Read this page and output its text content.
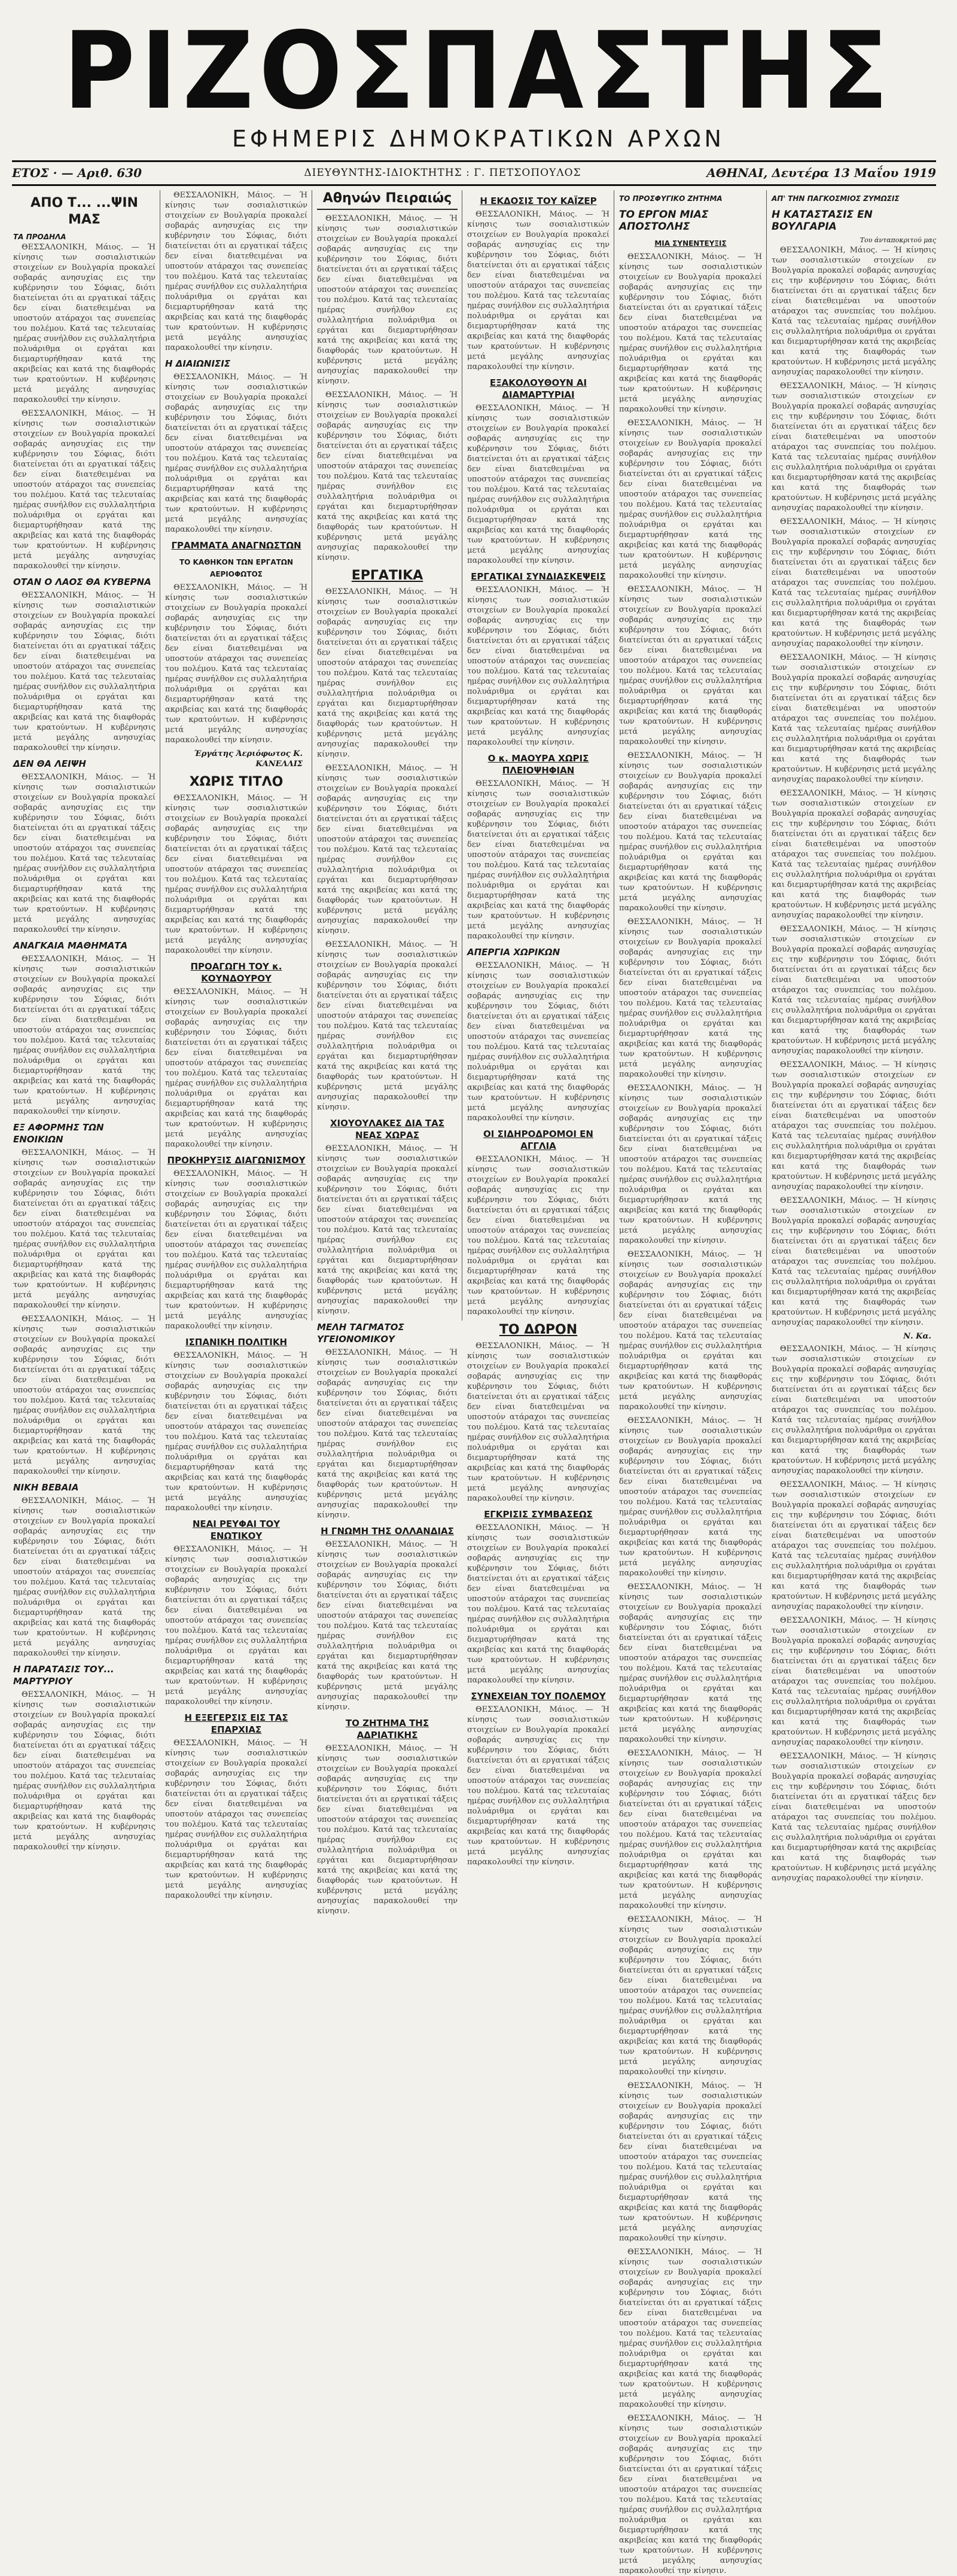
ΡΙΖΟΣΠΑΣΤΗΣ
ΕΦΗΜΕΡΙΣ ΔΗΜΟΚΡΑΤΙΚΩΝ ΑΡΧΩΝ
ΕΤΟΣ · — Αριθ. 630	ΔΙΕΥΘΥΝΤΗΣ-ΙΔΙΟΚΤΗΤΗΣ : Γ. ΠΕΤΣΟΠΟΥΛΟΣ	ΑΘΗΝΑΙ, Δευτέρα 13 Μαΐου 1919
ΑΠΟ Τ... ...ΨΙΝ ΜΑΣ
ΤΑ ΠΡΟΔΗΛΑ

ΘΕΣΣΑΛΟΝΙΚΗ, Μάιος. — Ή κίνησις των σοσιαλιστικών στοιχείων εν Βουλγαρία προκαλεί σοβαράς ανησυχίας εις την κυβέρνησιν του Σόφιας, διότι διατείνεται ότι αι εργατικαί τάξεις δεν είναι διατεθειμέναι να υποστούν ατάραχοι τας συνεπείας του πολέμου. Κατά τας τελευταίας ημέρας συνήλθον εις συλλαλητήρια πολυάριθμα οι εργάται και διεμαρτυρήθησαν κατά της ακριβείας και κατά της διαφθοράς των κρατούντων. Η κυβέρνησις μετά μεγάλης ανησυχίας παρακολουθεί την κίνησιν.

ΘΕΣΣΑΛΟΝΙΚΗ, Μάιος. — Ή κίνησις των σοσιαλιστικών στοιχείων εν Βουλγαρία προκαλεί σοβαράς ανησυχίας εις την κυβέρνησιν του Σόφιας, διότι διατείνεται ότι αι εργατικαί τάξεις δεν είναι διατεθειμέναι να υποστούν ατάραχοι τας συνεπείας του πολέμου. Κατά τας τελευταίας ημέρας συνήλθον εις συλλαλητήρια πολυάριθμα οι εργάται και διεμαρτυρήθησαν κατά της ακριβείας και κατά της διαφθοράς των κρατούντων. Η κυβέρνησις μετά μεγάλης ανησυχίας παρακολουθεί την κίνησιν.

ΟΤΑΝ Ο ΛΑΟΣ ΘΑ ΚΥΒΕΡΝΑ

ΘΕΣΣΑΛΟΝΙΚΗ, Μάιος. — Ή κίνησις των σοσιαλιστικών στοιχείων εν Βουλγαρία προκαλεί σοβαράς ανησυχίας εις την κυβέρνησιν του Σόφιας, διότι διατείνεται ότι αι εργατικαί τάξεις δεν είναι διατεθειμέναι να υποστούν ατάραχοι τας συνεπείας του πολέμου. Κατά τας τελευταίας ημέρας συνήλθον εις συλλαλητήρια πολυάριθμα οι εργάται και διεμαρτυρήθησαν κατά της ακριβείας και κατά της διαφθοράς των κρατούντων. Η κυβέρνησις μετά μεγάλης ανησυχίας παρακολουθεί την κίνησιν.

ΔΕΝ ΘΑ ΛΕΙΨΗ

ΘΕΣΣΑΛΟΝΙΚΗ, Μάιος. — Ή κίνησις των σοσιαλιστικών στοιχείων εν Βουλγαρία προκαλεί σοβαράς ανησυχίας εις την κυβέρνησιν του Σόφιας, διότι διατείνεται ότι αι εργατικαί τάξεις δεν είναι διατεθειμέναι να υποστούν ατάραχοι τας συνεπείας του πολέμου. Κατά τας τελευταίας ημέρας συνήλθον εις συλλαλητήρια πολυάριθμα οι εργάται και διεμαρτυρήθησαν κατά της ακριβείας και κατά της διαφθοράς των κρατούντων. Η κυβέρνησις μετά μεγάλης ανησυχίας παρακολουθεί την κίνησιν.

ΑΝΑΓΚΑΙΑ ΜΑΘΗΜΑΤΑ

ΘΕΣΣΑΛΟΝΙΚΗ, Μάιος. — Ή κίνησις των σοσιαλιστικών στοιχείων εν Βουλγαρία προκαλεί σοβαράς ανησυχίας εις την κυβέρνησιν του Σόφιας, διότι διατείνεται ότι αι εργατικαί τάξεις δεν είναι διατεθειμέναι να υποστούν ατάραχοι τας συνεπείας του πολέμου. Κατά τας τελευταίας ημέρας συνήλθον εις συλλαλητήρια πολυάριθμα οι εργάται και διεμαρτυρήθησαν κατά της ακριβείας και κατά της διαφθοράς των κρατούντων. Η κυβέρνησις μετά μεγάλης ανησυχίας παρακολουθεί την κίνησιν.

ΕΞ ΑΦΟΡΜΗΣ ΤΩΝ ΕΝΟΙΚΙΩΝ

ΘΕΣΣΑΛΟΝΙΚΗ, Μάιος. — Ή κίνησις των σοσιαλιστικών στοιχείων εν Βουλγαρία προκαλεί σοβαράς ανησυχίας εις την κυβέρνησιν του Σόφιας, διότι διατείνεται ότι αι εργατικαί τάξεις δεν είναι διατεθειμέναι να υποστούν ατάραχοι τας συνεπείας του πολέμου. Κατά τας τελευταίας ημέρας συνήλθον εις συλλαλητήρια πολυάριθμα οι εργάται και διεμαρτυρήθησαν κατά της ακριβείας και κατά της διαφθοράς των κρατούντων. Η κυβέρνησις μετά μεγάλης ανησυχίας παρακολουθεί την κίνησιν.

ΘΕΣΣΑΛΟΝΙΚΗ, Μάιος. — Ή κίνησις των σοσιαλιστικών στοιχείων εν Βουλγαρία προκαλεί σοβαράς ανησυχίας εις την κυβέρνησιν του Σόφιας, διότι διατείνεται ότι αι εργατικαί τάξεις δεν είναι διατεθειμέναι να υποστούν ατάραχοι τας συνεπείας του πολέμου. Κατά τας τελευταίας ημέρας συνήλθον εις συλλαλητήρια πολυάριθμα οι εργάται και διεμαρτυρήθησαν κατά της ακριβείας και κατά της διαφθοράς των κρατούντων. Η κυβέρνησις μετά μεγάλης ανησυχίας παρακολουθεί την κίνησιν.

ΝΙΚΗ ΒΕΒΑΙΑ

ΘΕΣΣΑΛΟΝΙΚΗ, Μάιος. — Ή κίνησις των σοσιαλιστικών στοιχείων εν Βουλγαρία προκαλεί σοβαράς ανησυχίας εις την κυβέρνησιν του Σόφιας, διότι διατείνεται ότι αι εργατικαί τάξεις δεν είναι διατεθειμέναι να υποστούν ατάραχοι τας συνεπείας του πολέμου. Κατά τας τελευταίας ημέρας συνήλθον εις συλλαλητήρια πολυάριθμα οι εργάται και διεμαρτυρήθησαν κατά της ακριβείας και κατά της διαφθοράς των κρατούντων. Η κυβέρνησις μετά μεγάλης ανησυχίας παρακολουθεί την κίνησιν.

Η ΠΑΡΑΤΑΣΙΣ ΤΟΥ... ΜΑΡΤΥΡΙΟΥ

ΘΕΣΣΑΛΟΝΙΚΗ, Μάιος. — Ή κίνησις των σοσιαλιστικών στοιχείων εν Βουλγαρία προκαλεί σοβαράς ανησυχίας εις την κυβέρνησιν του Σόφιας, διότι διατείνεται ότι αι εργατικαί τάξεις δεν είναι διατεθειμέναι να υποστούν ατάραχοι τας συνεπείας του πολέμου. Κατά τας τελευταίας ημέρας συνήλθον εις συλλαλητήρια πολυάριθμα οι εργάται και διεμαρτυρήθησαν κατά της ακριβείας και κατά της διαφθοράς των κρατούντων. Η κυβέρνησις μετά μεγάλης ανησυχίας παρακολουθεί την κίνησιν.

ΘΕΣΣΑΛΟΝΙΚΗ, Μάιος. — Ή κίνησις των σοσιαλιστικών στοιχείων εν Βουλγαρία προκαλεί σοβαράς ανησυχίας εις την κυβέρνησιν του Σόφιας, διότι διατείνεται ότι αι εργατικαί τάξεις δεν είναι διατεθειμέναι να υποστούν ατάραχοι τας συνεπείας του πολέμου. Κατά τας τελευταίας ημέρας συνήλθον εις συλλαλητήρια πολυάριθμα οι εργάται και διεμαρτυρήθησαν κατά της ακριβείας και κατά της διαφθοράς των κρατούντων. Η κυβέρνησις μετά μεγάλης ανησυχίας παρακολουθεί την κίνησιν.

Η ΔΙΑΙΩΝΙΣΙΣ

ΘΕΣΣΑΛΟΝΙΚΗ, Μάιος. — Ή κίνησις των σοσιαλιστικών στοιχείων εν Βουλγαρία προκαλεί σοβαράς ανησυχίας εις την κυβέρνησιν του Σόφιας, διότι διατείνεται ότι αι εργατικαί τάξεις δεν είναι διατεθειμέναι να υποστούν ατάραχοι τας συνεπείας του πολέμου. Κατά τας τελευταίας ημέρας συνήλθον εις συλλαλητήρια πολυάριθμα οι εργάται και διεμαρτυρήθησαν κατά της ακριβείας και κατά της διαφθοράς των κρατούντων. Η κυβέρνησις μετά μεγάλης ανησυχίας παρακολουθεί την κίνησιν.

ΓΡΑΜΜΑΤΑ ΑΝΑΓΝΩΣΤΩΝ
ΤΟ ΚΑΘΗΚΟΝ ΤΩΝ ΕΡΓΑΤΩΝ ΑΕΡΙΟΦΩΤΟΣ

ΘΕΣΣΑΛΟΝΙΚΗ, Μάιος. — Ή κίνησις των σοσιαλιστικών στοιχείων εν Βουλγαρία προκαλεί σοβαράς ανησυχίας εις την κυβέρνησιν του Σόφιας, διότι διατείνεται ότι αι εργατικαί τάξεις δεν είναι διατεθειμέναι να υποστούν ατάραχοι τας συνεπείας του πολέμου. Κατά τας τελευταίας ημέρας συνήλθον εις συλλαλητήρια πολυάριθμα οι εργάται και διεμαρτυρήθησαν κατά της ακριβείας και κατά της διαφθοράς των κρατούντων. Η κυβέρνησις μετά μεγάλης ανησυχίας παρακολουθεί την κίνησιν.

Έργάτης Άεριόφωτος Κ. ΚΑΝΕΛΛΙΣ
ΧΩΡΙΣ ΤΙΤΛΟ

ΘΕΣΣΑΛΟΝΙΚΗ, Μάιος. — Ή κίνησις των σοσιαλιστικών στοιχείων εν Βουλγαρία προκαλεί σοβαράς ανησυχίας εις την κυβέρνησιν του Σόφιας, διότι διατείνεται ότι αι εργατικαί τάξεις δεν είναι διατεθειμέναι να υποστούν ατάραχοι τας συνεπείας του πολέμου. Κατά τας τελευταίας ημέρας συνήλθον εις συλλαλητήρια πολυάριθμα οι εργάται και διεμαρτυρήθησαν κατά της ακριβείας και κατά της διαφθοράς των κρατούντων. Η κυβέρνησις μετά μεγάλης ανησυχίας παρακολουθεί την κίνησιν.

ΠΡΟΑΓΩΓΗ ΤΟΥ κ. ΚΟΥΝΔΟΥΡΟΥ

ΘΕΣΣΑΛΟΝΙΚΗ, Μάιος. — Ή κίνησις των σοσιαλιστικών στοιχείων εν Βουλγαρία προκαλεί σοβαράς ανησυχίας εις την κυβέρνησιν του Σόφιας, διότι διατείνεται ότι αι εργατικαί τάξεις δεν είναι διατεθειμέναι να υποστούν ατάραχοι τας συνεπείας του πολέμου. Κατά τας τελευταίας ημέρας συνήλθον εις συλλαλητήρια πολυάριθμα οι εργάται και διεμαρτυρήθησαν κατά της ακριβείας και κατά της διαφθοράς των κρατούντων. Η κυβέρνησις μετά μεγάλης ανησυχίας παρακολουθεί την κίνησιν.

ΠΡΟΚΗΡΥΞΙΣ ΔΙΑΓΩΝΙΣΜΟΥ

ΘΕΣΣΑΛΟΝΙΚΗ, Μάιος. — Ή κίνησις των σοσιαλιστικών στοιχείων εν Βουλγαρία προκαλεί σοβαράς ανησυχίας εις την κυβέρνησιν του Σόφιας, διότι διατείνεται ότι αι εργατικαί τάξεις δεν είναι διατεθειμέναι να υποστούν ατάραχοι τας συνεπείας του πολέμου. Κατά τας τελευταίας ημέρας συνήλθον εις συλλαλητήρια πολυάριθμα οι εργάται και διεμαρτυρήθησαν κατά της ακριβείας και κατά της διαφθοράς των κρατούντων. Η κυβέρνησις μετά μεγάλης ανησυχίας παρακολουθεί την κίνησιν.

ΙΣΠΑΝΙΚΗ ΠΟΛΙΤΙΚΗ

ΘΕΣΣΑΛΟΝΙΚΗ, Μάιος. — Ή κίνησις των σοσιαλιστικών στοιχείων εν Βουλγαρία προκαλεί σοβαράς ανησυχίας εις την κυβέρνησιν του Σόφιας, διότι διατείνεται ότι αι εργατικαί τάξεις δεν είναι διατεθειμέναι να υποστούν ατάραχοι τας συνεπείας του πολέμου. Κατά τας τελευταίας ημέρας συνήλθον εις συλλαλητήρια πολυάριθμα οι εργάται και διεμαρτυρήθησαν κατά της ακριβείας και κατά της διαφθοράς των κρατούντων. Η κυβέρνησις μετά μεγάλης ανησυχίας παρακολουθεί την κίνησιν.

ΝΕΑΙ ΡΕΥΦΑΙ ΤΟΥ ΕΝΩΤΙΚΟΥ

ΘΕΣΣΑΛΟΝΙΚΗ, Μάιος. — Ή κίνησις των σοσιαλιστικών στοιχείων εν Βουλγαρία προκαλεί σοβαράς ανησυχίας εις την κυβέρνησιν του Σόφιας, διότι διατείνεται ότι αι εργατικαί τάξεις δεν είναι διατεθειμέναι να υποστούν ατάραχοι τας συνεπείας του πολέμου. Κατά τας τελευταίας ημέρας συνήλθον εις συλλαλητήρια πολυάριθμα οι εργάται και διεμαρτυρήθησαν κατά της ακριβείας και κατά της διαφθοράς των κρατούντων. Η κυβέρνησις μετά μεγάλης ανησυχίας παρακολουθεί την κίνησιν.

Η ΕΞΕΓΕΡΣΙΣ ΕΙΣ ΤΑΣ ΕΠΑΡΧΙΑΣ

ΘΕΣΣΑΛΟΝΙΚΗ, Μάιος. — Ή κίνησις των σοσιαλιστικών στοιχείων εν Βουλγαρία προκαλεί σοβαράς ανησυχίας εις την κυβέρνησιν του Σόφιας, διότι διατείνεται ότι αι εργατικαί τάξεις δεν είναι διατεθειμέναι να υποστούν ατάραχοι τας συνεπείας του πολέμου. Κατά τας τελευταίας ημέρας συνήλθον εις συλλαλητήρια πολυάριθμα οι εργάται και διεμαρτυρήθησαν κατά της ακριβείας και κατά της διαφθοράς των κρατούντων. Η κυβέρνησις μετά μεγάλης ανησυχίας παρακολουθεί την κίνησιν.

Αθηνών Πειραιώς

ΘΕΣΣΑΛΟΝΙΚΗ, Μάιος. — Ή κίνησις των σοσιαλιστικών στοιχείων εν Βουλγαρία προκαλεί σοβαράς ανησυχίας εις την κυβέρνησιν του Σόφιας, διότι διατείνεται ότι αι εργατικαί τάξεις δεν είναι διατεθειμέναι να υποστούν ατάραχοι τας συνεπείας του πολέμου. Κατά τας τελευταίας ημέρας συνήλθον εις συλλαλητήρια πολυάριθμα οι εργάται και διεμαρτυρήθησαν κατά της ακριβείας και κατά της διαφθοράς των κρατούντων. Η κυβέρνησις μετά μεγάλης ανησυχίας παρακολουθεί την κίνησιν.

ΘΕΣΣΑΛΟΝΙΚΗ, Μάιος. — Ή κίνησις των σοσιαλιστικών στοιχείων εν Βουλγαρία προκαλεί σοβαράς ανησυχίας εις την κυβέρνησιν του Σόφιας, διότι διατείνεται ότι αι εργατικαί τάξεις δεν είναι διατεθειμέναι να υποστούν ατάραχοι τας συνεπείας του πολέμου. Κατά τας τελευταίας ημέρας συνήλθον εις συλλαλητήρια πολυάριθμα οι εργάται και διεμαρτυρήθησαν κατά της ακριβείας και κατά της διαφθοράς των κρατούντων. Η κυβέρνησις μετά μεγάλης ανησυχίας παρακολουθεί την κίνησιν.

ΕΡΓΑΤΙΚΑ

ΘΕΣΣΑΛΟΝΙΚΗ, Μάιος. — Ή κίνησις των σοσιαλιστικών στοιχείων εν Βουλγαρία προκαλεί σοβαράς ανησυχίας εις την κυβέρνησιν του Σόφιας, διότι διατείνεται ότι αι εργατικαί τάξεις δεν είναι διατεθειμέναι να υποστούν ατάραχοι τας συνεπείας του πολέμου. Κατά τας τελευταίας ημέρας συνήλθον εις συλλαλητήρια πολυάριθμα οι εργάται και διεμαρτυρήθησαν κατά της ακριβείας και κατά της διαφθοράς των κρατούντων. Η κυβέρνησις μετά μεγάλης ανησυχίας παρακολουθεί την κίνησιν.

ΘΕΣΣΑΛΟΝΙΚΗ, Μάιος. — Ή κίνησις των σοσιαλιστικών στοιχείων εν Βουλγαρία προκαλεί σοβαράς ανησυχίας εις την κυβέρνησιν του Σόφιας, διότι διατείνεται ότι αι εργατικαί τάξεις δεν είναι διατεθειμέναι να υποστούν ατάραχοι τας συνεπείας του πολέμου. Κατά τας τελευταίας ημέρας συνήλθον εις συλλαλητήρια πολυάριθμα οι εργάται και διεμαρτυρήθησαν κατά της ακριβείας και κατά της διαφθοράς των κρατούντων. Η κυβέρνησις μετά μεγάλης ανησυχίας παρακολουθεί την κίνησιν.

ΘΕΣΣΑΛΟΝΙΚΗ, Μάιος. — Ή κίνησις των σοσιαλιστικών στοιχείων εν Βουλγαρία προκαλεί σοβαράς ανησυχίας εις την κυβέρνησιν του Σόφιας, διότι διατείνεται ότι αι εργατικαί τάξεις δεν είναι διατεθειμέναι να υποστούν ατάραχοι τας συνεπείας του πολέμου. Κατά τας τελευταίας ημέρας συνήλθον εις συλλαλητήρια πολυάριθμα οι εργάται και διεμαρτυρήθησαν κατά της ακριβείας και κατά της διαφθοράς των κρατούντων. Η κυβέρνησις μετά μεγάλης ανησυχίας παρακολουθεί την κίνησιν.

ΧΙΟΥΟΥΛΑΚΕΣ ΔΙΑ ΤΑΣ ΝΕΑΣ ΧΩΡΑΣ

ΘΕΣΣΑΛΟΝΙΚΗ, Μάιος. — Ή κίνησις των σοσιαλιστικών στοιχείων εν Βουλγαρία προκαλεί σοβαράς ανησυχίας εις την κυβέρνησιν του Σόφιας, διότι διατείνεται ότι αι εργατικαί τάξεις δεν είναι διατεθειμέναι να υποστούν ατάραχοι τας συνεπείας του πολέμου. Κατά τας τελευταίας ημέρας συνήλθον εις συλλαλητήρια πολυάριθμα οι εργάται και διεμαρτυρήθησαν κατά της ακριβείας και κατά της διαφθοράς των κρατούντων. Η κυβέρνησις μετά μεγάλης ανησυχίας παρακολουθεί την κίνησιν.

ΜΕΛΗ ΤΑΓΜΑΤΟΣ ΥΓΕΙΟΝΟΜΙΚΟΥ

ΘΕΣΣΑΛΟΝΙΚΗ, Μάιος. — Ή κίνησις των σοσιαλιστικών στοιχείων εν Βουλγαρία προκαλεί σοβαράς ανησυχίας εις την κυβέρνησιν του Σόφιας, διότι διατείνεται ότι αι εργατικαί τάξεις δεν είναι διατεθειμέναι να υποστούν ατάραχοι τας συνεπείας του πολέμου. Κατά τας τελευταίας ημέρας συνήλθον εις συλλαλητήρια πολυάριθμα οι εργάται και διεμαρτυρήθησαν κατά της ακριβείας και κατά της διαφθοράς των κρατούντων. Η κυβέρνησις μετά μεγάλης ανησυχίας παρακολουθεί την κίνησιν.

Η ΓΝΩΜΗ ΤΗΣ ΟΛΛΑΝΔΙΑΣ

ΘΕΣΣΑΛΟΝΙΚΗ, Μάιος. — Ή κίνησις των σοσιαλιστικών στοιχείων εν Βουλγαρία προκαλεί σοβαράς ανησυχίας εις την κυβέρνησιν του Σόφιας, διότι διατείνεται ότι αι εργατικαί τάξεις δεν είναι διατεθειμέναι να υποστούν ατάραχοι τας συνεπείας του πολέμου. Κατά τας τελευταίας ημέρας συνήλθον εις συλλαλητήρια πολυάριθμα οι εργάται και διεμαρτυρήθησαν κατά της ακριβείας και κατά της διαφθοράς των κρατούντων. Η κυβέρνησις μετά μεγάλης ανησυχίας παρακολουθεί την κίνησιν.

ΤΟ ΖΗΤΗΜΑ ΤΗΣ ΑΔΡΙΑΤΙΚΗΣ

ΘΕΣΣΑΛΟΝΙΚΗ, Μάιος. — Ή κίνησις των σοσιαλιστικών στοιχείων εν Βουλγαρία προκαλεί σοβαράς ανησυχίας εις την κυβέρνησιν του Σόφιας, διότι διατείνεται ότι αι εργατικαί τάξεις δεν είναι διατεθειμέναι να υποστούν ατάραχοι τας συνεπείας του πολέμου. Κατά τας τελευταίας ημέρας συνήλθον εις συλλαλητήρια πολυάριθμα οι εργάται και διεμαρτυρήθησαν κατά της ακριβείας και κατά της διαφθοράς των κρατούντων. Η κυβέρνησις μετά μεγάλης ανησυχίας παρακολουθεί την κίνησιν.

Η ΕΚΔΟΣΙΣ ΤΟΥ ΚΑΪΖΕΡ

ΘΕΣΣΑΛΟΝΙΚΗ, Μάιος. — Ή κίνησις των σοσιαλιστικών στοιχείων εν Βουλγαρία προκαλεί σοβαράς ανησυχίας εις την κυβέρνησιν του Σόφιας, διότι διατείνεται ότι αι εργατικαί τάξεις δεν είναι διατεθειμέναι να υποστούν ατάραχοι τας συνεπείας του πολέμου. Κατά τας τελευταίας ημέρας συνήλθον εις συλλαλητήρια πολυάριθμα οι εργάται και διεμαρτυρήθησαν κατά της ακριβείας και κατά της διαφθοράς των κρατούντων. Η κυβέρνησις μετά μεγάλης ανησυχίας παρακολουθεί την κίνησιν.

ΕΞΑΚΟΛΟΥΘΟΥΝ ΑΙ ΔΙΑΜΑΡΤΥΡΙΑΙ

ΘΕΣΣΑΛΟΝΙΚΗ, Μάιος. — Ή κίνησις των σοσιαλιστικών στοιχείων εν Βουλγαρία προκαλεί σοβαράς ανησυχίας εις την κυβέρνησιν του Σόφιας, διότι διατείνεται ότι αι εργατικαί τάξεις δεν είναι διατεθειμέναι να υποστούν ατάραχοι τας συνεπείας του πολέμου. Κατά τας τελευταίας ημέρας συνήλθον εις συλλαλητήρια πολυάριθμα οι εργάται και διεμαρτυρήθησαν κατά της ακριβείας και κατά της διαφθοράς των κρατούντων. Η κυβέρνησις μετά μεγάλης ανησυχίας παρακολουθεί την κίνησιν.

ΕΡΓΑΤΙΚΑΙ ΣΥΝΔΙΑΣΚΕΨΕΙΣ

ΘΕΣΣΑΛΟΝΙΚΗ, Μάιος. — Ή κίνησις των σοσιαλιστικών στοιχείων εν Βουλγαρία προκαλεί σοβαράς ανησυχίας εις την κυβέρνησιν του Σόφιας, διότι διατείνεται ότι αι εργατικαί τάξεις δεν είναι διατεθειμέναι να υποστούν ατάραχοι τας συνεπείας του πολέμου. Κατά τας τελευταίας ημέρας συνήλθον εις συλλαλητήρια πολυάριθμα οι εργάται και διεμαρτυρήθησαν κατά της ακριβείας και κατά της διαφθοράς των κρατούντων. Η κυβέρνησις μετά μεγάλης ανησυχίας παρακολουθεί την κίνησιν.

Ο κ. ΜΑΟΥΡΑ ΧΩΡΙΣ ΠΛΕΙΟΨΗΦΙΑΝ

ΘΕΣΣΑΛΟΝΙΚΗ, Μάιος. — Ή κίνησις των σοσιαλιστικών στοιχείων εν Βουλγαρία προκαλεί σοβαράς ανησυχίας εις την κυβέρνησιν του Σόφιας, διότι διατείνεται ότι αι εργατικαί τάξεις δεν είναι διατεθειμέναι να υποστούν ατάραχοι τας συνεπείας του πολέμου. Κατά τας τελευταίας ημέρας συνήλθον εις συλλαλητήρια πολυάριθμα οι εργάται και διεμαρτυρήθησαν κατά της ακριβείας και κατά της διαφθοράς των κρατούντων. Η κυβέρνησις μετά μεγάλης ανησυχίας παρακολουθεί την κίνησιν.

ΑΠΕΡΓΙΑ ΧΩΡΙΚΩΝ

ΘΕΣΣΑΛΟΝΙΚΗ, Μάιος. — Ή κίνησις των σοσιαλιστικών στοιχείων εν Βουλγαρία προκαλεί σοβαράς ανησυχίας εις την κυβέρνησιν του Σόφιας, διότι διατείνεται ότι αι εργατικαί τάξεις δεν είναι διατεθειμέναι να υποστούν ατάραχοι τας συνεπείας του πολέμου. Κατά τας τελευταίας ημέρας συνήλθον εις συλλαλητήρια πολυάριθμα οι εργάται και διεμαρτυρήθησαν κατά της ακριβείας και κατά της διαφθοράς των κρατούντων. Η κυβέρνησις μετά μεγάλης ανησυχίας παρακολουθεί την κίνησιν.

ΟΙ ΣΙΔΗΡΟΔΡΟΜΟΙ ΕΝ ΑΓΓΛΙΑ

ΘΕΣΣΑΛΟΝΙΚΗ, Μάιος. — Ή κίνησις των σοσιαλιστικών στοιχείων εν Βουλγαρία προκαλεί σοβαράς ανησυχίας εις την κυβέρνησιν του Σόφιας, διότι διατείνεται ότι αι εργατικαί τάξεις δεν είναι διατεθειμέναι να υποστούν ατάραχοι τας συνεπείας του πολέμου. Κατά τας τελευταίας ημέρας συνήλθον εις συλλαλητήρια πολυάριθμα οι εργάται και διεμαρτυρήθησαν κατά της ακριβείας και κατά της διαφθοράς των κρατούντων. Η κυβέρνησις μετά μεγάλης ανησυχίας παρακολουθεί την κίνησιν.

ΤΟ ΔΩΡΟΝ

ΘΕΣΣΑΛΟΝΙΚΗ, Μάιος. — Ή κίνησις των σοσιαλιστικών στοιχείων εν Βουλγαρία προκαλεί σοβαράς ανησυχίας εις την κυβέρνησιν του Σόφιας, διότι διατείνεται ότι αι εργατικαί τάξεις δεν είναι διατεθειμέναι να υποστούν ατάραχοι τας συνεπείας του πολέμου. Κατά τας τελευταίας ημέρας συνήλθον εις συλλαλητήρια πολυάριθμα οι εργάται και διεμαρτυρήθησαν κατά της ακριβείας και κατά της διαφθοράς των κρατούντων. Η κυβέρνησις μετά μεγάλης ανησυχίας παρακολουθεί την κίνησιν.

ΕΓΚΡΙΣΙΣ ΣΥΜΒΑΣΕΩΣ

ΘΕΣΣΑΛΟΝΙΚΗ, Μάιος. — Ή κίνησις των σοσιαλιστικών στοιχείων εν Βουλγαρία προκαλεί σοβαράς ανησυχίας εις την κυβέρνησιν του Σόφιας, διότι διατείνεται ότι αι εργατικαί τάξεις δεν είναι διατεθειμέναι να υποστούν ατάραχοι τας συνεπείας του πολέμου. Κατά τας τελευταίας ημέρας συνήλθον εις συλλαλητήρια πολυάριθμα οι εργάται και διεμαρτυρήθησαν κατά της ακριβείας και κατά της διαφθοράς των κρατούντων. Η κυβέρνησις μετά μεγάλης ανησυχίας παρακολουθεί την κίνησιν.

ΣΥΝΕΧΕΙΑΝ ΤΟΥ ΠΟΛΕΜΟΥ

ΘΕΣΣΑΛΟΝΙΚΗ, Μάιος. — Ή κίνησις των σοσιαλιστικών στοιχείων εν Βουλγαρία προκαλεί σοβαράς ανησυχίας εις την κυβέρνησιν του Σόφιας, διότι διατείνεται ότι αι εργατικαί τάξεις δεν είναι διατεθειμέναι να υποστούν ατάραχοι τας συνεπείας του πολέμου. Κατά τας τελευταίας ημέρας συνήλθον εις συλλαλητήρια πολυάριθμα οι εργάται και διεμαρτυρήθησαν κατά της ακριβείας και κατά της διαφθοράς των κρατούντων. Η κυβέρνησις μετά μεγάλης ανησυχίας παρακολουθεί την κίνησιν.

ΤΟ ΠΡΟΣΦΥΓΙΚΟ ΖΗΤΗΜΑ
ΤΟ ΕΡΓΟΝ ΜΙΑΣ ΑΠΟΣΤΟΛΗΣ
ΜΙΑ ΣΥΝΕΝΤΕΥΞΙΣ

ΘΕΣΣΑΛΟΝΙΚΗ, Μάιος. — Ή κίνησις των σοσιαλιστικών στοιχείων εν Βουλγαρία προκαλεί σοβαράς ανησυχίας εις την κυβέρνησιν του Σόφιας, διότι διατείνεται ότι αι εργατικαί τάξεις δεν είναι διατεθειμέναι να υποστούν ατάραχοι τας συνεπείας του πολέμου. Κατά τας τελευταίας ημέρας συνήλθον εις συλλαλητήρια πολυάριθμα οι εργάται και διεμαρτυρήθησαν κατά της ακριβείας και κατά της διαφθοράς των κρατούντων. Η κυβέρνησις μετά μεγάλης ανησυχίας παρακολουθεί την κίνησιν.

ΘΕΣΣΑΛΟΝΙΚΗ, Μάιος. — Ή κίνησις των σοσιαλιστικών στοιχείων εν Βουλγαρία προκαλεί σοβαράς ανησυχίας εις την κυβέρνησιν του Σόφιας, διότι διατείνεται ότι αι εργατικαί τάξεις δεν είναι διατεθειμέναι να υποστούν ατάραχοι τας συνεπείας του πολέμου. Κατά τας τελευταίας ημέρας συνήλθον εις συλλαλητήρια πολυάριθμα οι εργάται και διεμαρτυρήθησαν κατά της ακριβείας και κατά της διαφθοράς των κρατούντων. Η κυβέρνησις μετά μεγάλης ανησυχίας παρακολουθεί την κίνησιν.

ΘΕΣΣΑΛΟΝΙΚΗ, Μάιος. — Ή κίνησις των σοσιαλιστικών στοιχείων εν Βουλγαρία προκαλεί σοβαράς ανησυχίας εις την κυβέρνησιν του Σόφιας, διότι διατείνεται ότι αι εργατικαί τάξεις δεν είναι διατεθειμέναι να υποστούν ατάραχοι τας συνεπείας του πολέμου. Κατά τας τελευταίας ημέρας συνήλθον εις συλλαλητήρια πολυάριθμα οι εργάται και διεμαρτυρήθησαν κατά της ακριβείας και κατά της διαφθοράς των κρατούντων. Η κυβέρνησις μετά μεγάλης ανησυχίας παρακολουθεί την κίνησιν.

ΘΕΣΣΑΛΟΝΙΚΗ, Μάιος. — Ή κίνησις των σοσιαλιστικών στοιχείων εν Βουλγαρία προκαλεί σοβαράς ανησυχίας εις την κυβέρνησιν του Σόφιας, διότι διατείνεται ότι αι εργατικαί τάξεις δεν είναι διατεθειμέναι να υποστούν ατάραχοι τας συνεπείας του πολέμου. Κατά τας τελευταίας ημέρας συνήλθον εις συλλαλητήρια πολυάριθμα οι εργάται και διεμαρτυρήθησαν κατά της ακριβείας και κατά της διαφθοράς των κρατούντων. Η κυβέρνησις μετά μεγάλης ανησυχίας παρακολουθεί την κίνησιν.

ΘΕΣΣΑΛΟΝΙΚΗ, Μάιος. — Ή κίνησις των σοσιαλιστικών στοιχείων εν Βουλγαρία προκαλεί σοβαράς ανησυχίας εις την κυβέρνησιν του Σόφιας, διότι διατείνεται ότι αι εργατικαί τάξεις δεν είναι διατεθειμέναι να υποστούν ατάραχοι τας συνεπείας του πολέμου. Κατά τας τελευταίας ημέρας συνήλθον εις συλλαλητήρια πολυάριθμα οι εργάται και διεμαρτυρήθησαν κατά της ακριβείας και κατά της διαφθοράς των κρατούντων. Η κυβέρνησις μετά μεγάλης ανησυχίας παρακολουθεί την κίνησιν.

ΘΕΣΣΑΛΟΝΙΚΗ, Μάιος. — Ή κίνησις των σοσιαλιστικών στοιχείων εν Βουλγαρία προκαλεί σοβαράς ανησυχίας εις την κυβέρνησιν του Σόφιας, διότι διατείνεται ότι αι εργατικαί τάξεις δεν είναι διατεθειμέναι να υποστούν ατάραχοι τας συνεπείας του πολέμου. Κατά τας τελευταίας ημέρας συνήλθον εις συλλαλητήρια πολυάριθμα οι εργάται και διεμαρτυρήθησαν κατά της ακριβείας και κατά της διαφθοράς των κρατούντων. Η κυβέρνησις μετά μεγάλης ανησυχίας παρακολουθεί την κίνησιν.

ΘΕΣΣΑΛΟΝΙΚΗ, Μάιος. — Ή κίνησις των σοσιαλιστικών στοιχείων εν Βουλγαρία προκαλεί σοβαράς ανησυχίας εις την κυβέρνησιν του Σόφιας, διότι διατείνεται ότι αι εργατικαί τάξεις δεν είναι διατεθειμέναι να υποστούν ατάραχοι τας συνεπείας του πολέμου. Κατά τας τελευταίας ημέρας συνήλθον εις συλλαλητήρια πολυάριθμα οι εργάται και διεμαρτυρήθησαν κατά της ακριβείας και κατά της διαφθοράς των κρατούντων. Η κυβέρνησις μετά μεγάλης ανησυχίας παρακολουθεί την κίνησιν.

ΘΕΣΣΑΛΟΝΙΚΗ, Μάιος. — Ή κίνησις των σοσιαλιστικών στοιχείων εν Βουλγαρία προκαλεί σοβαράς ανησυχίας εις την κυβέρνησιν του Σόφιας, διότι διατείνεται ότι αι εργατικαί τάξεις δεν είναι διατεθειμέναι να υποστούν ατάραχοι τας συνεπείας του πολέμου. Κατά τας τελευταίας ημέρας συνήλθον εις συλλαλητήρια πολυάριθμα οι εργάται και διεμαρτυρήθησαν κατά της ακριβείας και κατά της διαφθοράς των κρατούντων. Η κυβέρνησις μετά μεγάλης ανησυχίας παρακολουθεί την κίνησιν.

ΘΕΣΣΑΛΟΝΙΚΗ, Μάιος. — Ή κίνησις των σοσιαλιστικών στοιχείων εν Βουλγαρία προκαλεί σοβαράς ανησυχίας εις την κυβέρνησιν του Σόφιας, διότι διατείνεται ότι αι εργατικαί τάξεις δεν είναι διατεθειμέναι να υποστούν ατάραχοι τας συνεπείας του πολέμου. Κατά τας τελευταίας ημέρας συνήλθον εις συλλαλητήρια πολυάριθμα οι εργάται και διεμαρτυρήθησαν κατά της ακριβείας και κατά της διαφθοράς των κρατούντων. Η κυβέρνησις μετά μεγάλης ανησυχίας παρακολουθεί την κίνησιν.

ΘΕΣΣΑΛΟΝΙΚΗ, Μάιος. — Ή κίνησις των σοσιαλιστικών στοιχείων εν Βουλγαρία προκαλεί σοβαράς ανησυχίας εις την κυβέρνησιν του Σόφιας, διότι διατείνεται ότι αι εργατικαί τάξεις δεν είναι διατεθειμέναι να υποστούν ατάραχοι τας συνεπείας του πολέμου. Κατά τας τελευταίας ημέρας συνήλθον εις συλλαλητήρια πολυάριθμα οι εργάται και διεμαρτυρήθησαν κατά της ακριβείας και κατά της διαφθοράς των κρατούντων. Η κυβέρνησις μετά μεγάλης ανησυχίας παρακολουθεί την κίνησιν.

ΘΕΣΣΑΛΟΝΙΚΗ, Μάιος. — Ή κίνησις των σοσιαλιστικών στοιχείων εν Βουλγαρία προκαλεί σοβαράς ανησυχίας εις την κυβέρνησιν του Σόφιας, διότι διατείνεται ότι αι εργατικαί τάξεις δεν είναι διατεθειμέναι να υποστούν ατάραχοι τας συνεπείας του πολέμου. Κατά τας τελευταίας ημέρας συνήλθον εις συλλαλητήρια πολυάριθμα οι εργάται και διεμαρτυρήθησαν κατά της ακριβείας και κατά της διαφθοράς των κρατούντων. Η κυβέρνησις μετά μεγάλης ανησυχίας παρακολουθεί την κίνησιν.

ΘΕΣΣΑΛΟΝΙΚΗ, Μάιος. — Ή κίνησις των σοσιαλιστικών στοιχείων εν Βουλγαρία προκαλεί σοβαράς ανησυχίας εις την κυβέρνησιν του Σόφιας, διότι διατείνεται ότι αι εργατικαί τάξεις δεν είναι διατεθειμέναι να υποστούν ατάραχοι τας συνεπείας του πολέμου. Κατά τας τελευταίας ημέρας συνήλθον εις συλλαλητήρια πολυάριθμα οι εργάται και διεμαρτυρήθησαν κατά της ακριβείας και κατά της διαφθοράς των κρατούντων. Η κυβέρνησις μετά μεγάλης ανησυχίας παρακολουθεί την κίνησιν.

ΘΕΣΣΑΛΟΝΙΚΗ, Μάιος. — Ή κίνησις των σοσιαλιστικών στοιχείων εν Βουλγαρία προκαλεί σοβαράς ανησυχίας εις την κυβέρνησιν του Σόφιας, διότι διατείνεται ότι αι εργατικαί τάξεις δεν είναι διατεθειμέναι να υποστούν ατάραχοι τας συνεπείας του πολέμου. Κατά τας τελευταίας ημέρας συνήλθον εις συλλαλητήρια πολυάριθμα οι εργάται και διεμαρτυρήθησαν κατά της ακριβείας και κατά της διαφθοράς των κρατούντων. Η κυβέρνησις μετά μεγάλης ανησυχίας παρακολουθεί την κίνησιν.

ΘΕΣΣΑΛΟΝΙΚΗ, Μάιος. — Ή κίνησις των σοσιαλιστικών στοιχείων εν Βουλγαρία προκαλεί σοβαράς ανησυχίας εις την κυβέρνησιν του Σόφιας, διότι διατείνεται ότι αι εργατικαί τάξεις δεν είναι διατεθειμέναι να υποστούν ατάραχοι τας συνεπείας του πολέμου. Κατά τας τελευταίας ημέρας συνήλθον εις συλλαλητήρια πολυάριθμα οι εργάται και διεμαρτυρήθησαν κατά της ακριβείας και κατά της διαφθοράς των κρατούντων. Η κυβέρνησις μετά μεγάλης ανησυχίας παρακολουθεί την κίνησιν.

ΑΠ' ΤΗΝ ΠΑΓΚΟΣΜΙΟΣ ΖΥΜΩΣΙΣ
Η ΚΑΤΑΣΤΑΣΙΣ ΕΝ ΒΟΥΛΓΑΡΙΑ
Του άνταποκριτού μας

ΘΕΣΣΑΛΟΝΙΚΗ, Μάιος. — Ή κίνησις των σοσιαλιστικών στοιχείων εν Βουλγαρία προκαλεί σοβαράς ανησυχίας εις την κυβέρνησιν του Σόφιας, διότι διατείνεται ότι αι εργατικαί τάξεις δεν είναι διατεθειμέναι να υποστούν ατάραχοι τας συνεπείας του πολέμου. Κατά τας τελευταίας ημέρας συνήλθον εις συλλαλητήρια πολυάριθμα οι εργάται και διεμαρτυρήθησαν κατά της ακριβείας και κατά της διαφθοράς των κρατούντων. Η κυβέρνησις μετά μεγάλης ανησυχίας παρακολουθεί την κίνησιν.

ΘΕΣΣΑΛΟΝΙΚΗ, Μάιος. — Ή κίνησις των σοσιαλιστικών στοιχείων εν Βουλγαρία προκαλεί σοβαράς ανησυχίας εις την κυβέρνησιν του Σόφιας, διότι διατείνεται ότι αι εργατικαί τάξεις δεν είναι διατεθειμέναι να υποστούν ατάραχοι τας συνεπείας του πολέμου. Κατά τας τελευταίας ημέρας συνήλθον εις συλλαλητήρια πολυάριθμα οι εργάται και διεμαρτυρήθησαν κατά της ακριβείας και κατά της διαφθοράς των κρατούντων. Η κυβέρνησις μετά μεγάλης ανησυχίας παρακολουθεί την κίνησιν.

ΘΕΣΣΑΛΟΝΙΚΗ, Μάιος. — Ή κίνησις των σοσιαλιστικών στοιχείων εν Βουλγαρία προκαλεί σοβαράς ανησυχίας εις την κυβέρνησιν του Σόφιας, διότι διατείνεται ότι αι εργατικαί τάξεις δεν είναι διατεθειμέναι να υποστούν ατάραχοι τας συνεπείας του πολέμου. Κατά τας τελευταίας ημέρας συνήλθον εις συλλαλητήρια πολυάριθμα οι εργάται και διεμαρτυρήθησαν κατά της ακριβείας και κατά της διαφθοράς των κρατούντων. Η κυβέρνησις μετά μεγάλης ανησυχίας παρακολουθεί την κίνησιν.

ΘΕΣΣΑΛΟΝΙΚΗ, Μάιος. — Ή κίνησις των σοσιαλιστικών στοιχείων εν Βουλγαρία προκαλεί σοβαράς ανησυχίας εις την κυβέρνησιν του Σόφιας, διότι διατείνεται ότι αι εργατικαί τάξεις δεν είναι διατεθειμέναι να υποστούν ατάραχοι τας συνεπείας του πολέμου. Κατά τας τελευταίας ημέρας συνήλθον εις συλλαλητήρια πολυάριθμα οι εργάται και διεμαρτυρήθησαν κατά της ακριβείας και κατά της διαφθοράς των κρατούντων. Η κυβέρνησις μετά μεγάλης ανησυχίας παρακολουθεί την κίνησιν.

ΘΕΣΣΑΛΟΝΙΚΗ, Μάιος. — Ή κίνησις των σοσιαλιστικών στοιχείων εν Βουλγαρία προκαλεί σοβαράς ανησυχίας εις την κυβέρνησιν του Σόφιας, διότι διατείνεται ότι αι εργατικαί τάξεις δεν είναι διατεθειμέναι να υποστούν ατάραχοι τας συνεπείας του πολέμου. Κατά τας τελευταίας ημέρας συνήλθον εις συλλαλητήρια πολυάριθμα οι εργάται και διεμαρτυρήθησαν κατά της ακριβείας και κατά της διαφθοράς των κρατούντων. Η κυβέρνησις μετά μεγάλης ανησυχίας παρακολουθεί την κίνησιν.

ΘΕΣΣΑΛΟΝΙΚΗ, Μάιος. — Ή κίνησις των σοσιαλιστικών στοιχείων εν Βουλγαρία προκαλεί σοβαράς ανησυχίας εις την κυβέρνησιν του Σόφιας, διότι διατείνεται ότι αι εργατικαί τάξεις δεν είναι διατεθειμέναι να υποστούν ατάραχοι τας συνεπείας του πολέμου. Κατά τας τελευταίας ημέρας συνήλθον εις συλλαλητήρια πολυάριθμα οι εργάται και διεμαρτυρήθησαν κατά της ακριβείας και κατά της διαφθοράς των κρατούντων. Η κυβέρνησις μετά μεγάλης ανησυχίας παρακολουθεί την κίνησιν.

ΘΕΣΣΑΛΟΝΙΚΗ, Μάιος. — Ή κίνησις των σοσιαλιστικών στοιχείων εν Βουλγαρία προκαλεί σοβαράς ανησυχίας εις την κυβέρνησιν του Σόφιας, διότι διατείνεται ότι αι εργατικαί τάξεις δεν είναι διατεθειμέναι να υποστούν ατάραχοι τας συνεπείας του πολέμου. Κατά τας τελευταίας ημέρας συνήλθον εις συλλαλητήρια πολυάριθμα οι εργάται και διεμαρτυρήθησαν κατά της ακριβείας και κατά της διαφθοράς των κρατούντων. Η κυβέρνησις μετά μεγάλης ανησυχίας παρακολουθεί την κίνησιν.

ΘΕΣΣΑΛΟΝΙΚΗ, Μάιος. — Ή κίνησις των σοσιαλιστικών στοιχείων εν Βουλγαρία προκαλεί σοβαράς ανησυχίας εις την κυβέρνησιν του Σόφιας, διότι διατείνεται ότι αι εργατικαί τάξεις δεν είναι διατεθειμέναι να υποστούν ατάραχοι τας συνεπείας του πολέμου. Κατά τας τελευταίας ημέρας συνήλθον εις συλλαλητήρια πολυάριθμα οι εργάται και διεμαρτυρήθησαν κατά της ακριβείας και κατά της διαφθοράς των κρατούντων. Η κυβέρνησις μετά μεγάλης ανησυχίας παρακολουθεί την κίνησιν.

Ν. Κα.

ΘΕΣΣΑΛΟΝΙΚΗ, Μάιος. — Ή κίνησις των σοσιαλιστικών στοιχείων εν Βουλγαρία προκαλεί σοβαράς ανησυχίας εις την κυβέρνησιν του Σόφιας, διότι διατείνεται ότι αι εργατικαί τάξεις δεν είναι διατεθειμέναι να υποστούν ατάραχοι τας συνεπείας του πολέμου. Κατά τας τελευταίας ημέρας συνήλθον εις συλλαλητήρια πολυάριθμα οι εργάται και διεμαρτυρήθησαν κατά της ακριβείας και κατά της διαφθοράς των κρατούντων. Η κυβέρνησις μετά μεγάλης ανησυχίας παρακολουθεί την κίνησιν.

ΘΕΣΣΑΛΟΝΙΚΗ, Μάιος. — Ή κίνησις των σοσιαλιστικών στοιχείων εν Βουλγαρία προκαλεί σοβαράς ανησυχίας εις την κυβέρνησιν του Σόφιας, διότι διατείνεται ότι αι εργατικαί τάξεις δεν είναι διατεθειμέναι να υποστούν ατάραχοι τας συνεπείας του πολέμου. Κατά τας τελευταίας ημέρας συνήλθον εις συλλαλητήρια πολυάριθμα οι εργάται και διεμαρτυρήθησαν κατά της ακριβείας και κατά της διαφθοράς των κρατούντων. Η κυβέρνησις μετά μεγάλης ανησυχίας παρακολουθεί την κίνησιν.

ΘΕΣΣΑΛΟΝΙΚΗ, Μάιος. — Ή κίνησις των σοσιαλιστικών στοιχείων εν Βουλγαρία προκαλεί σοβαράς ανησυχίας εις την κυβέρνησιν του Σόφιας, διότι διατείνεται ότι αι εργατικαί τάξεις δεν είναι διατεθειμέναι να υποστούν ατάραχοι τας συνεπείας του πολέμου. Κατά τας τελευταίας ημέρας συνήλθον εις συλλαλητήρια πολυάριθμα οι εργάται και διεμαρτυρήθησαν κατά της ακριβείας και κατά της διαφθοράς των κρατούντων. Η κυβέρνησις μετά μεγάλης ανησυχίας παρακολουθεί την κίνησιν.

ΘΕΣΣΑΛΟΝΙΚΗ, Μάιος. — Ή κίνησις των σοσιαλιστικών στοιχείων εν Βουλγαρία προκαλεί σοβαράς ανησυχίας εις την κυβέρνησιν του Σόφιας, διότι διατείνεται ότι αι εργατικαί τάξεις δεν είναι διατεθειμέναι να υποστούν ατάραχοι τας συνεπείας του πολέμου. Κατά τας τελευταίας ημέρας συνήλθον εις συλλαλητήρια πολυάριθμα οι εργάται και διεμαρτυρήθησαν κατά της ακριβείας και κατά της διαφθοράς των κρατούντων. Η κυβέρνησις μετά μεγάλης ανησυχίας παρακολουθεί την κίνησιν.
